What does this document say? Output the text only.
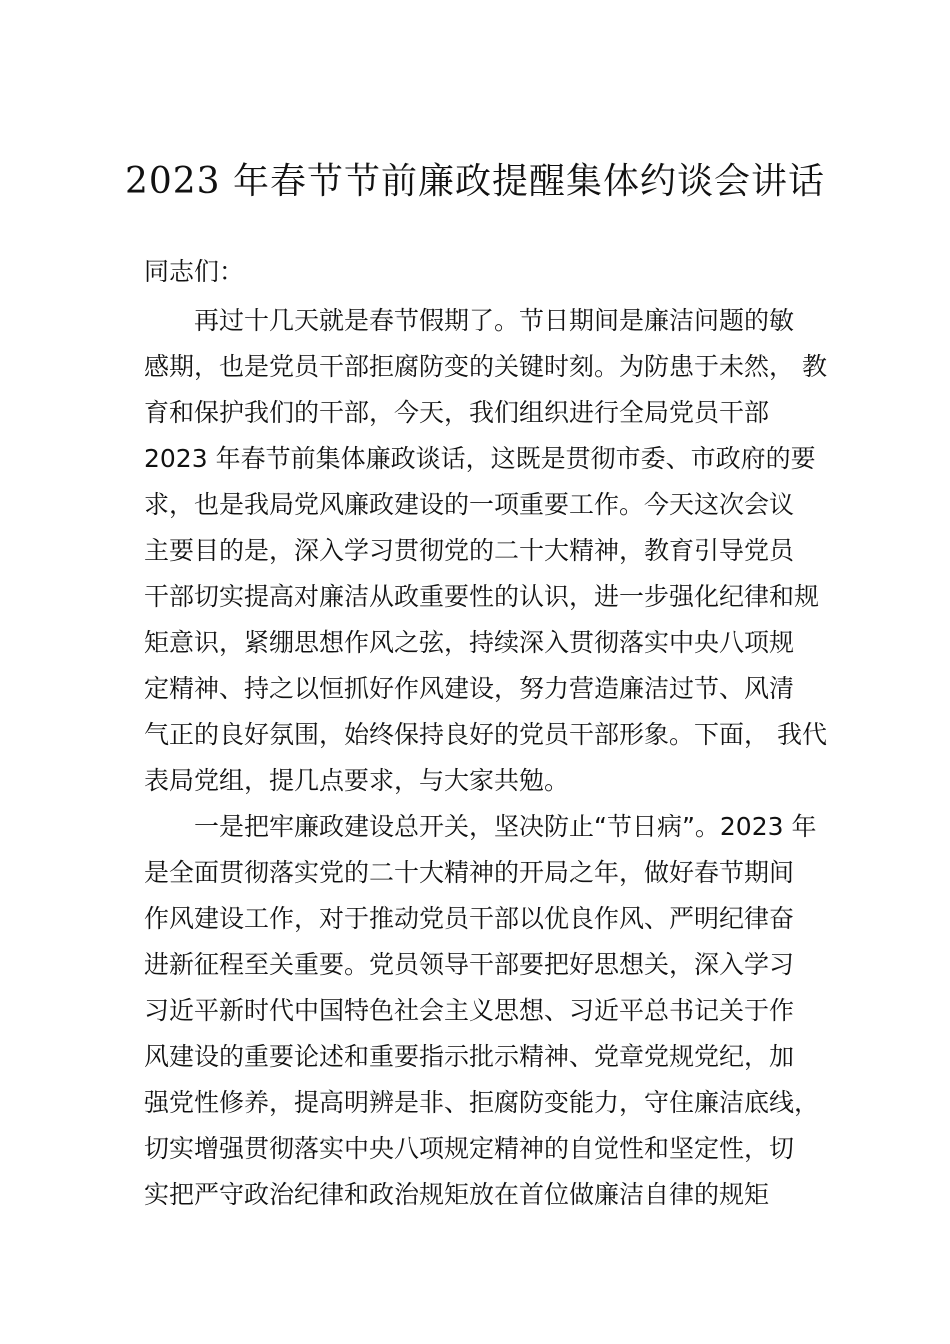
2023 年春节节前廉政提醒集体约谈会讲话
同志们：
再过十几天就是春节假期了。节日期间是廉洁问题的敏
感期，也是党员干部拒腐防变的关键时刻。为防患于未然， 教
育和保护我们的干部，今天，我们组织进行全局党员干部
2023 年春节前集体廉政谈话，这既是贯彻市委、市政府的要
求，也是我局党风廉政建设的一项重要工作。今天这次会议
主要目的是，深入学习贯彻党的二十大精神，教育引导党员
干部切实提高对廉洁从政重要性的认识，进一步强化纪律和规
矩意识，紧绷思想作风之弦，持续深入贯彻落实中央八项规
定精神、持之以恒抓好作风建设，努力营造廉洁过节、风清
气正的良好氛围，始终保持良好的党员干部形象。下面， 我代
表局党组，提几点要求，与大家共勉。
一是把牢廉政建设总开关，坚决防止“节日病”。2023 年
是全面贯彻落实党的二十大精神的开局之年，做好春节期间
作风建设工作，对于推动党员干部以优良作风、严明纪律奋
进新征程至关重要。党员领导干部要把好思想关，深入学习
习近平新时代中国特色社会主义思想、习近平总书记关于作
风建设的重要论述和重要指示批示精神、党章党规党纪，加
强党性修养，提高明辨是非、拒腐防变能力，守住廉洁底线，
切实增强贯彻落实中央八项规定精神的自觉性和坚定性，切
实把严守政治纪律和政治规矩放在首位做廉洁自律的规矩
